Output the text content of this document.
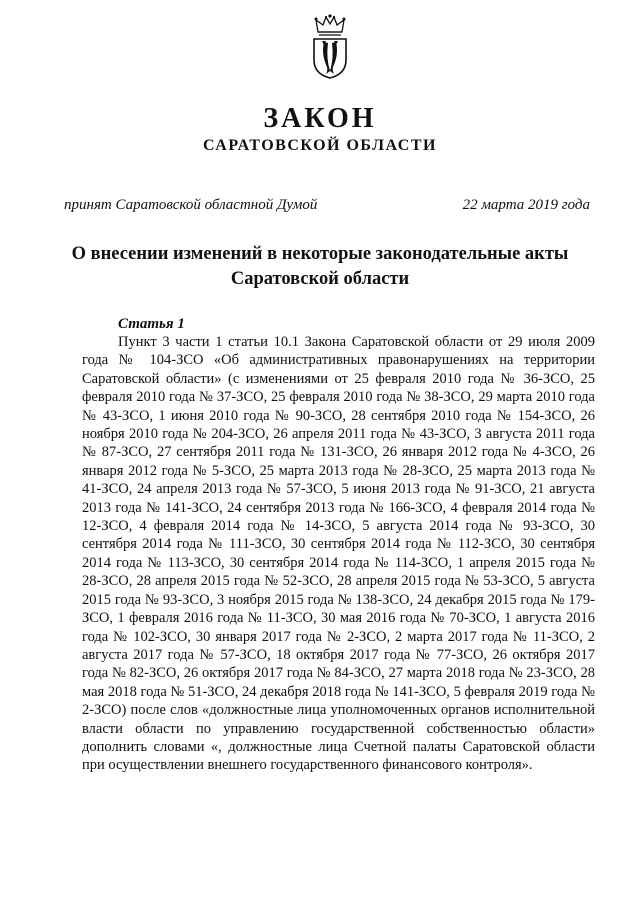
ЗАКОН
САРАТОВСКОЙ ОБЛАСТИ
принят Саратовской областной Думой	22 марта 2019 года
О внесении изменений в некоторые законодательные акты Саратовской области
Статья 1
Пункт 3 части 1 статьи 10.1 Закона Саратовской области от 29 июля 2009 года № 104-ЗСО «Об административных правонарушениях на территории Саратовской области» (с изменениями от 25 февраля 2010 года № 36-ЗСО, 25 февраля 2010 года № 37-ЗСО, 25 февраля 2010 года № 38-ЗСО, 29 марта 2010 года № 43-ЗСО, 1 июня 2010 года № 90-ЗСО, 28 сентября 2010 года № 154-ЗСО, 26 ноября 2010 года № 204-ЗСО, 26 апреля 2011 года № 43-ЗСО, 3 августа 2011 года № 87-ЗСО, 27 сентября 2011 года № 131-ЗСО, 26 января 2012 года № 4-ЗСО, 26 января 2012 года № 5-ЗСО, 25 марта 2013 года № 28-ЗСО, 25 марта 2013 года № 41-ЗСО, 24 апреля 2013 года № 57-ЗСО, 5 июня 2013 года № 91-ЗСО, 21 августа 2013 года № 141-ЗСО, 24 сентября 2013 года № 166-ЗСО, 4 февраля 2014 года № 12-ЗСО, 4 февраля 2014 года № 14-ЗСО, 5 августа 2014 года № 93-ЗСО, 30 сентября 2014 года № 111-ЗСО, 30 сентября 2014 года № 112-ЗСО, 30 сентября 2014 года № 113-ЗСО, 30 сентября 2014 года № 114-ЗСО, 1 апреля 2015 года № 28-ЗСО, 28 апреля 2015 года № 52-ЗСО, 28 апреля 2015 года № 53-ЗСО, 5 августа 2015 года № 93-ЗСО, 3 ноября 2015 года № 138-ЗСО, 24 декабря 2015 года № 179-ЗСО, 1 февраля 2016 года № 11-ЗСО, 30 мая 2016 года № 70-ЗСО, 1 августа 2016 года № 102-ЗСО, 30 января 2017 года № 2-ЗСО, 2 марта 2017 года № 11-ЗСО, 2 августа 2017 года № 57-ЗСО, 18 октября 2017 года № 77-ЗСО, 26 октября 2017 года № 82-ЗСО, 26 октября 2017 года № 84-ЗСО, 27 марта 2018 года № 23-ЗСО, 28 мая 2018 года № 51-ЗСО, 24 декабря 2018 года № 141-ЗСО, 5 февраля 2019 года № 2-ЗСО) после слов «должностные лица уполномоченных органов исполнительной власти области по управлению государственной собственностью области» дополнить словами «, должностные лица Счетной палаты Саратовской области при осуществлении внешнего государственного финансового контроля».
